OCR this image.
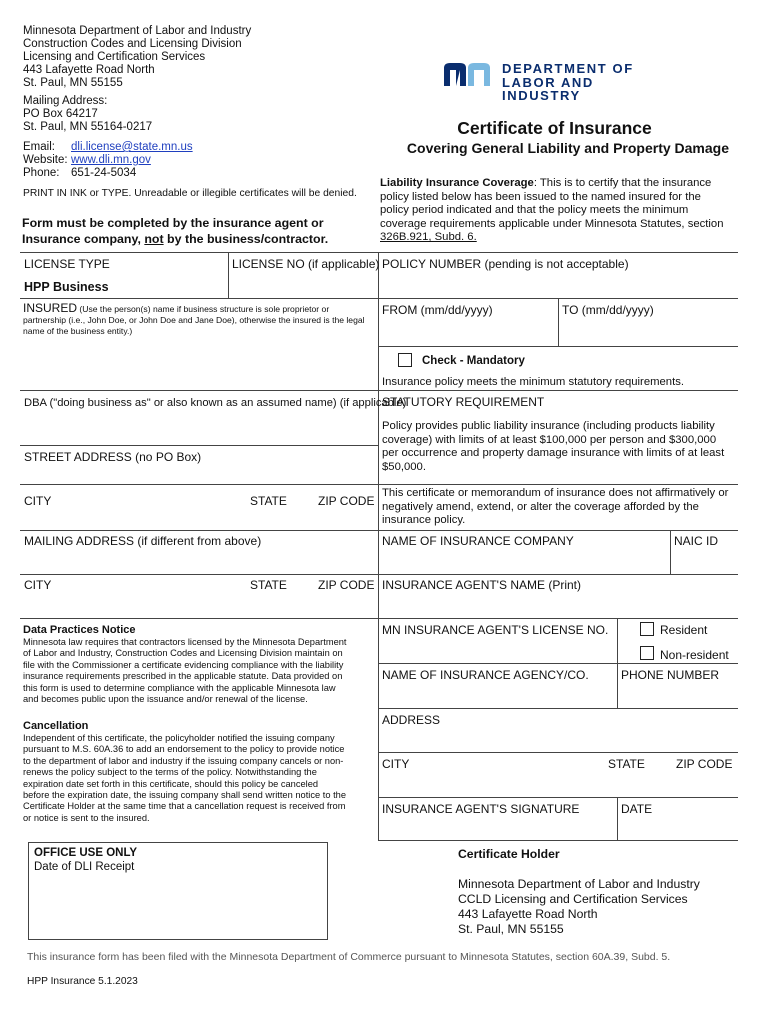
Minnesota Department of Labor and Industry
Construction Codes and Licensing Division
Licensing and Certification Services
443 Lafayette Road North
St. Paul, MN 55155
Mailing Address:
PO Box 64217
St. Paul, MN 55164-0217
Email: dli.license@state.mn.us
Website: www.dli.mn.gov
Phone: 651-24-5034
DEPARTMENT OF
LABOR AND INDUSTRY
Certificate of Insurance
Covering General Liability and Property Damage
PRINT IN INK or TYPE. Unreadable or illegible certificates will be denied.
Form must be completed by the insurance agent or
Insurance company, not by the business/contractor.
Liability Insurance Coverage: This is to certify that the insurance
policy listed below has been issued to the named insured for the
policy period indicated and that the policy meets the minimum
coverage requirements applicable under Minnesota Statutes, section
326B.921, Subd. 6.
LICENSE TYPE
HPP Business
LICENSE NO (if applicable)
INSURED (Use the person(s) name if business structure is sole proprietor or
partnership (i.e., John Doe, or John Doe and Jane Doe), otherwise the insured is the legal
name of the business entity.)
DBA ("doing business as" or also known as an assumed name) (if applicable)
STREET ADDRESS (no PO Box)
CITY	STATE	ZIP CODE
MAILING ADDRESS (if different from above)
CITY	STATE	ZIP CODE
POLICY NUMBER (pending is not acceptable)
FROM (mm/dd/yyyy)	TO (mm/dd/yyyy)
Check - Mandatory
Insurance policy meets the minimum statutory requirements.
STATUTORY REQUIREMENT
Policy provides public liability insurance (including products liability
coverage) with limits of at least $100,000 per person and $300,000
per occurrence and property damage insurance with limits of at least
$50,000.
This certificate or memorandum of insurance does not affirmatively or
negatively amend, extend, or alter the coverage afforded by the
insurance policy.
NAME OF INSURANCE COMPANY	NAIC ID
INSURANCE AGENT'S NAME (Print)
MN INSURANCE AGENT'S LICENSE NO.	Resident
Non-resident
NAME OF INSURANCE AGENCY/CO.	PHONE NUMBER
ADDRESS
CITY	STATE	ZIP CODE
INSURANCE AGENT'S SIGNATURE	DATE
Data Practices Notice
Minnesota law requires that contractors licensed by the Minnesota Department
of Labor and Industry, Construction Codes and Licensing Division maintain on
file with the Commissioner a certificate evidencing compliance with the liability
insurance requirements prescribed in the applicable statute. Data provided on
this form is used to determine compliance with the applicable Minnesota law
and becomes public upon the issuance and/or renewal of the license.
Cancellation
Independent of this certificate, the policyholder notified the issuing company
pursuant to M.S. 60A.36 to add an endorsement to the policy to provide notice
to the department of labor and industry if the issuing company cancels or non-
renews the policy subject to the terms of the policy. Notwithstanding the
expiration date set forth in this certificate, should this policy be canceled
before the expiration date, the issuing company shall send written notice to the
Certificate Holder at the same time that a cancellation request is received from
or notice is sent to the insured.
OFFICE USE ONLY
Date of DLI Receipt
Certificate Holder
Minnesota Department of Labor and Industry
CCLD Licensing and Certification Services
443 Lafayette Road North
St. Paul, MN 55155
This insurance form has been filed with the Minnesota Department of Commerce pursuant to Minnesota Statutes, section 60A.39, Subd. 5.
HPP Insurance 5.1.2023
